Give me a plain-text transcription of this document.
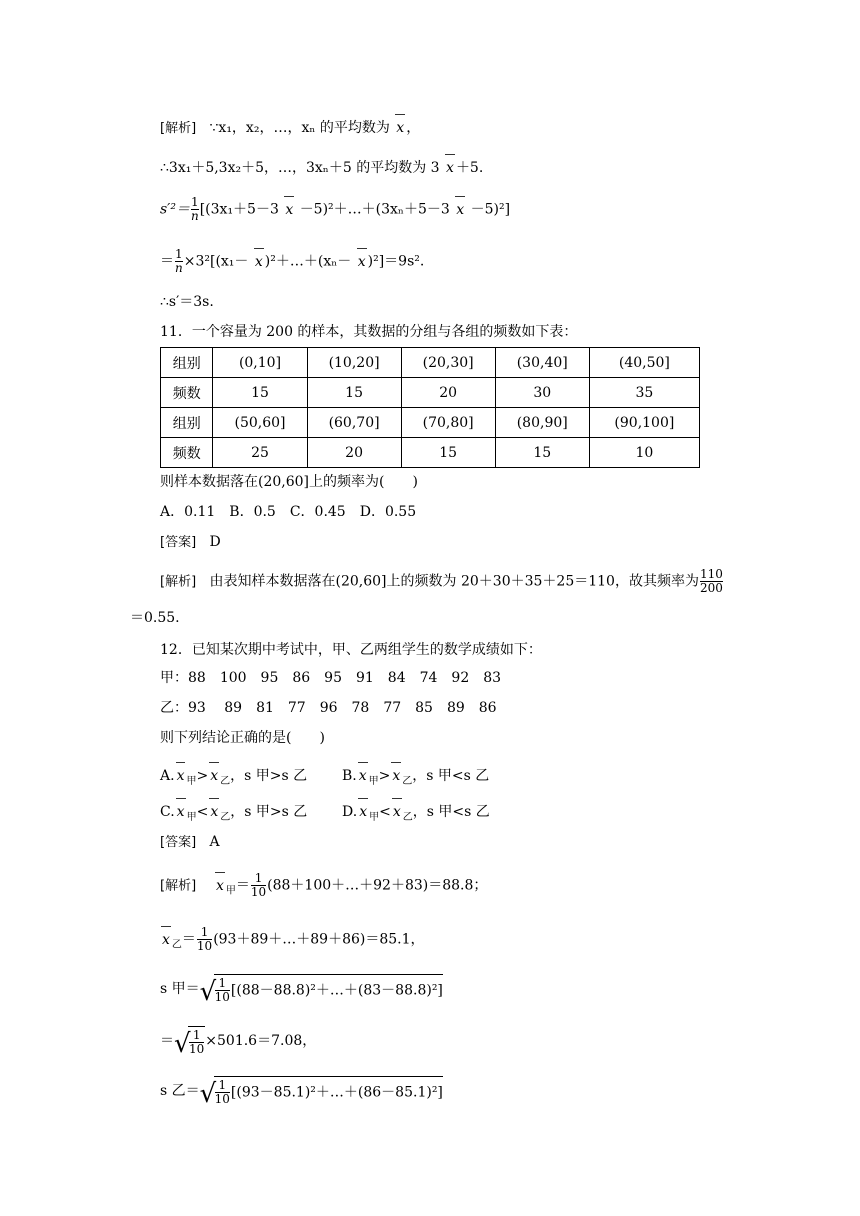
[解析] ∵x₁，x₂，…，xₙ 的平均数为 x ，
∴3x₁＋5,3x₂＋5，…，3xₙ＋5 的平均数为 3 x ＋5.
$s'^2= \frac{1}{n} [(3x_1+5-3$ x －5)²＋…＋(3xₙ＋5－3 x －5)²]
＝ $\frac{1}{n} \times 3^2[(x_1- x$ )²＋…＋(xₙ－ x )²]＝9s².
∴s′＝3s.
11．一个容量为 200 的样本，其数据的分组与各组的频数如下表：
组别	(0,10]	(10,20]	(20,30]	(30,40]	(40,50]
频数	15	15	20	30	35
组别	(50,60]	(60,70]	(70,80]	(80,90]	(90,100]
频数	25	20	15	15	10
则样本数据落在(20,60]上的频率为(　　)
A．0.11　B．0.5　C．0.45　D．0.55
[答案] D
[解析] 由表知样本数据落在(20,60]上的频数为 20＋30＋35＋25＝110，故其频率为 $\frac{110}{200}$
＝0.55.
12．已知某次期中考试中，甲、乙两组学生的数学成绩如下：
甲：88　100　95　86　95　91　84　74　92　83
乙：93　 89　81　77　96　78　77　85　89　86
则下列结论正确的是(　　)
A. x $_甲$> x $_乙$，s 甲>s 乙 B. x $_甲$> x $_乙$，s 甲<s 乙
C. x $_甲$< x $_乙$，s 甲>s 乙 D. x $_甲$< x $_乙$，s 甲<s 乙
[答案] A
[解析] x $_甲= \frac{1}{10}$ (88＋100＋…＋92＋83)＝88.8；
x $_乙= \frac{1}{10}$ (93＋89＋…＋89＋86)＝85.1，
s 甲＝ √
$\frac{1}{10}$ [(88－88.8)²＋…＋(83－88.8)²]
＝ √
$\frac{1}{10} \times 501.6=7.08$，
s 乙＝ √
$\frac{1}{10}$ [(93－85.1)²＋…＋(86－85.1)²]
